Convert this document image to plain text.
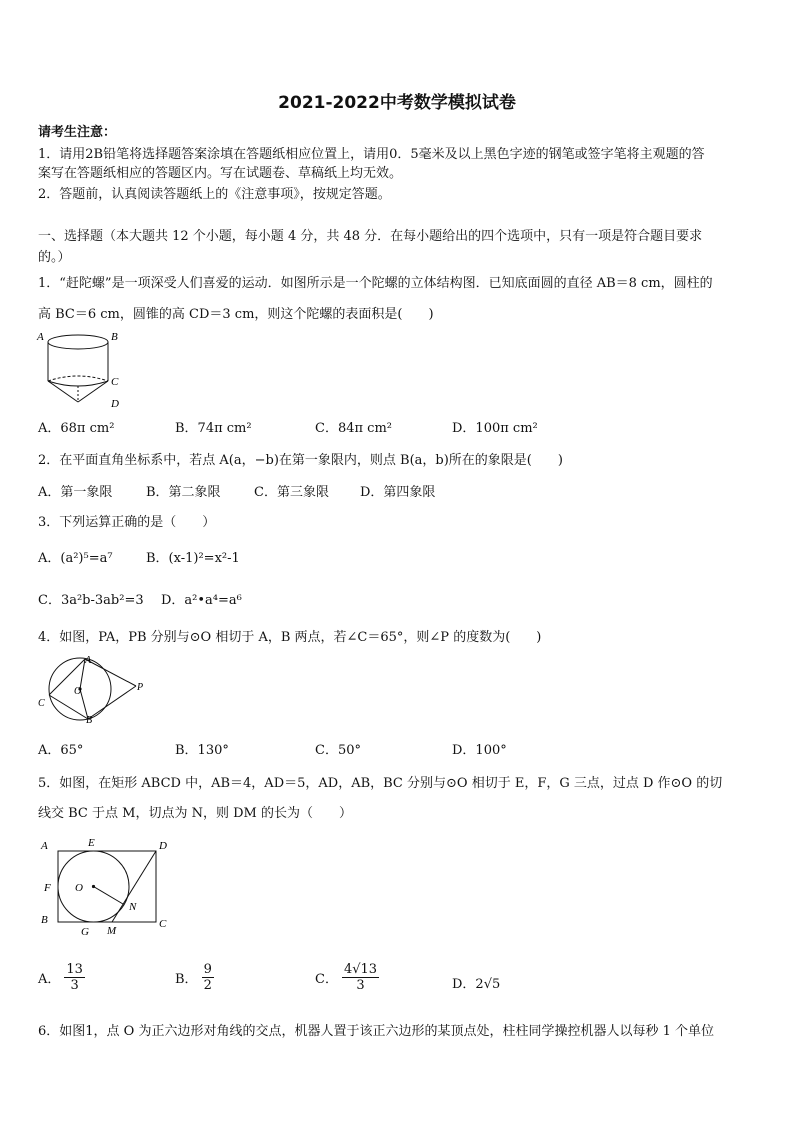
2021-2022中考数学模拟试卷
请考生注意：
1．请用2B铅笔将选择题答案涂填在答题纸相应位置上，请用0．5毫米及以上黑色字迹的钢笔或签字笔将主观题的答
案写在答题纸相应的答题区内。写在试题卷、草稿纸上均无效。
2．答题前，认真阅读答题纸上的《注意事项》，按规定答题。
一、选择题（本大题共 12 个小题，每小题 4 分，共 48 分．在每小题给出的四个选项中，只有一项是符合题目要求
的。）
1．“赶陀螺”是一项深受人们喜爱的运动．如图所示是一个陀螺的立体结构图．已知底面圆的直径 AB＝8 cm，圆柱的
高 BC＝6 cm，圆锥的高 CD＝3 cm，则这个陀螺的表面积是(　　)
A	B
C
D
A．68π cm²	B．74π cm²	C．84π cm²	D．100π cm²
2．在平面直角坐标系中，若点 A(a，−b)在第一象限内，则点 B(a，b)所在的象限是(　　)
A．第一象限	B．第二象限	C．第三象限 D．第四象限
3．下列运算正确的是（　　）
A．(a²)⁵=a⁷	B．(x-1)²=x²-1
C．3a²b-3ab²=3 D．a²•a⁴=a⁶
4．如图，PA，PB 分别与⊙O 相切于 A，B 两点，若∠C＝65°，则∠P 的度数为(　　)
A
O	P
C
B
A．65°	B．130°	C．50°	D．100°
5．如图，在矩形 ABCD 中，AB＝4，AD＝5，AD，AB，BC 分别与⊙O 相切于 E，F，G 三点，过点 D 作⊙O 的切
线交 BC 于点 M，切点为 N，则 DM 的长为（　　）
A	E	D
F O
N
B
G M
C
A． $\frac{13}{3}$	B． $\frac{9}{2}$	C． $\frac{4√13}{3}$	D．2√5
6．如图1，点 O 为正六边形对角线的交点，机器人置于该正六边形的某顶点处，柱柱同学操控机器人以每秒 1 个单位
